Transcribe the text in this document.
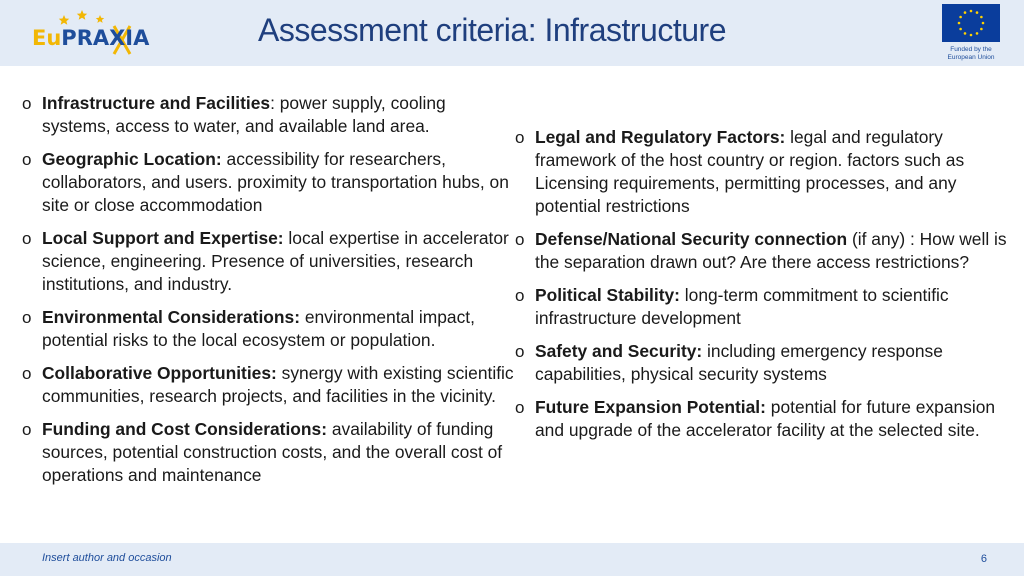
EuPRAXIA	Assessment criteria: Infrastructure
Funded by the European Union
o Infrastructure and Facilities: power supply, cooling systems, access to water, and available land area.
o Geographic Location: accessibility for researchers, collaborators, and users. proximity to transportation hubs, on site or close accommodation
o Local Support and Expertise: local expertise in accelerator science, engineering. Presence of universities, research institutions, and industry.
o Environmental Considerations: environmental impact, potential risks to the local ecosystem or population.
o Collaborative Opportunities: synergy with existing scientific communities, research projects, and facilities in the vicinity.
o Funding and Cost Considerations: availability of funding sources, potential construction costs, and the overall cost of operations and maintenance
o Legal and Regulatory Factors: legal and regulatory framework of the host country or region. factors such as Licensing requirements, permitting processes, and any potential restrictions
o Defense/National Security connection (if any) : How well is the separation drawn out? Are there access restrictions?
o Political Stability: long-term commitment to scientific infrastructure development
o Safety and Security: including emergency response capabilities, physical security systems
o Future Expansion Potential: potential for future expansion and upgrade of the accelerator facility at the selected site.
Insert author and occasion	6
